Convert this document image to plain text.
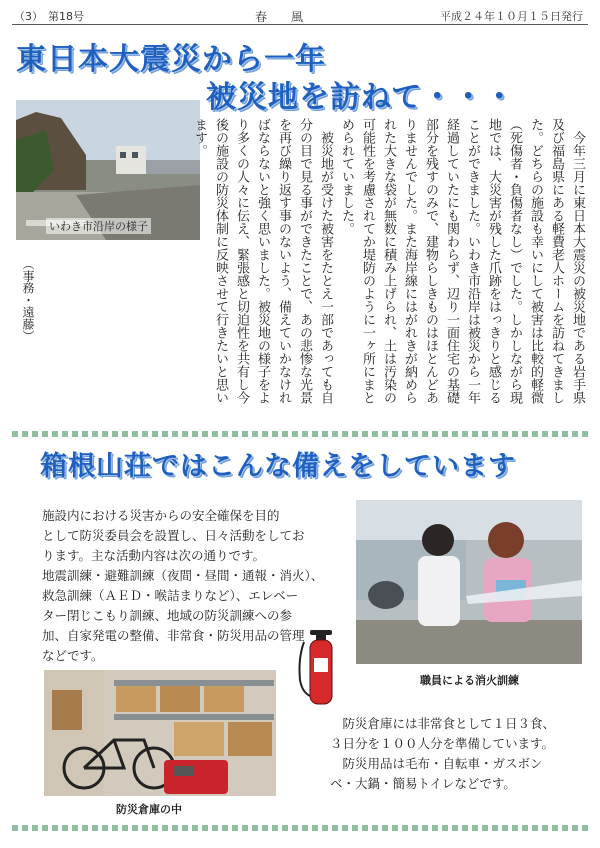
（3） 第18号	春　　風	平成２４年１０月１５日発行
東日本大震災から一年
被災地を訪ねて・・・
いわき市沿岸の様子	今年三月に東日本大震災の被災地である岩手県及び福島県にある軽費老人ホームを訪ねてきました。どちらの施設も幸いにして被害は比較的軽微（死傷者・負傷者なし）でした。しかしながら現地では、大災害が残した爪跡をはっきりと感じることができました。いわき市沿岸は被災から一年経過していたにも関わらず、辺り一面住宅の基礎部分を残すのみで、建物らしきものはほとんどありませんでした。また海岸線にはがれきが納められた大きな袋が無数に積み上げられ、土は汚染の可能性を考慮されてか堤防のように一ヶ所にまとめられていました。

被災地が受けた被害をたとえ一部であっても自分の目で見る事ができたことで、あの悲惨な光景を再び繰り返す事のないよう、備えていかなければならないと強く思いました。被災地の様子をより多くの人々に伝え、緊張感と切迫性を共有し今後の施設の防災体制に反映させて行きたいと思います。

（事務・遠藤）
箱根山荘ではこんな備えをしています

施設内における災害からの安全確保を目的

として防災委員会を設置し、日々活動をしてお

ります。主な活動内容は次の通りです。

地震訓練・避難訓練（夜間・昼間・通報・消火）、

救急訓練（ＡＥＤ・喉詰まりなど）、エレベー

ター閉じこもり訓練、地域の防災訓練への参

加、自家発電の整備、非常食・防災用品の管理

などです。

職員による消火訓練
防災倉庫の中

防災倉庫には非常食として１日３食、

３日分を１００人分を準備しています。

防災用品は毛布・自転車・ガスボン

ベ・大鍋・簡易トイレなどです。
